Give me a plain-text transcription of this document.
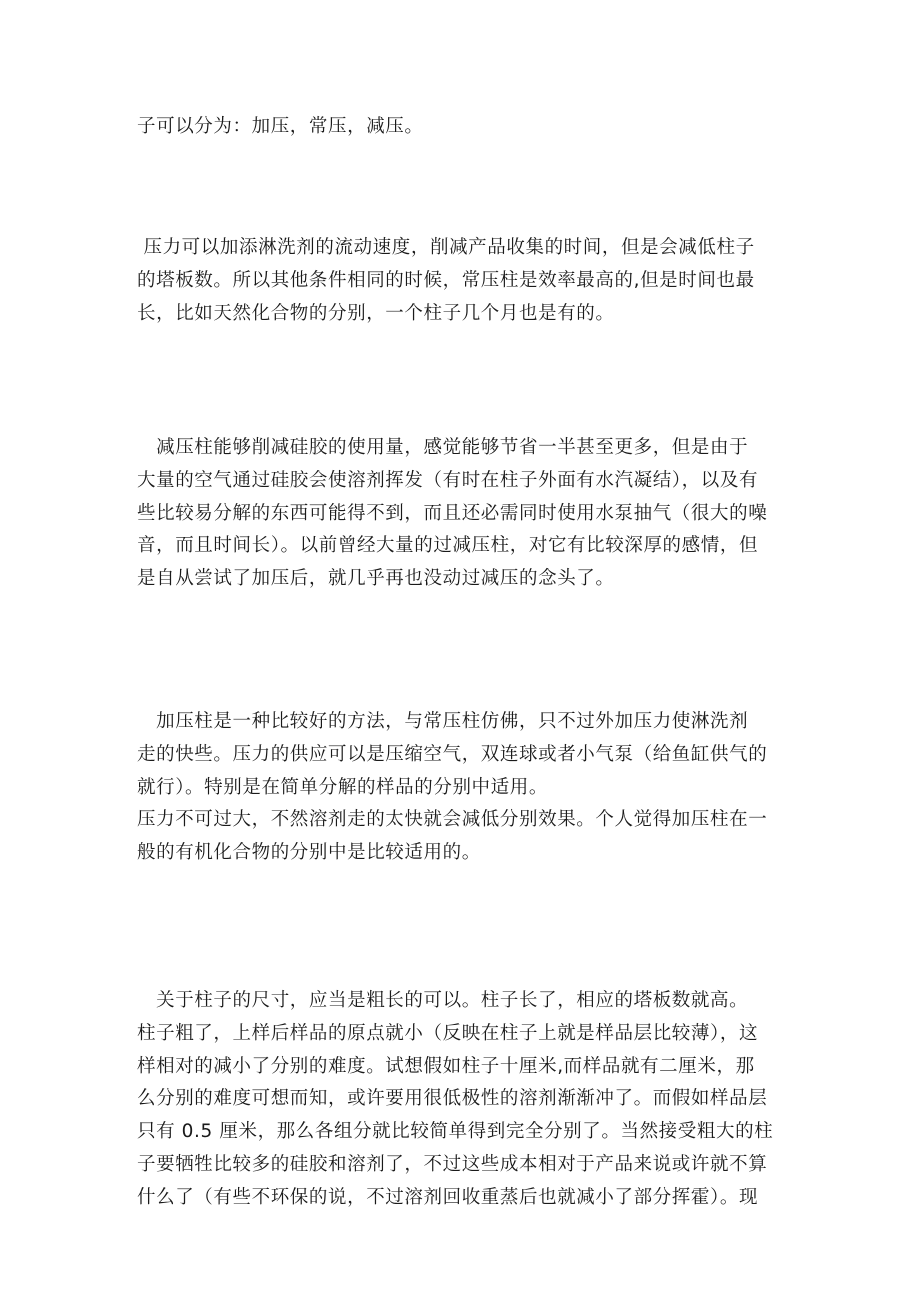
子可以分为：加压，常压，减压。

压力可以加添淋洗剂的流动速度，削减产品收集的时间，但是会减低柱子
的塔板数。所以其他条件相同的时候，常压柱是效率最高的,但是时间也最
长，比如天然化合物的分别，一个柱子几个月也是有的。

　减压柱能够削减硅胶的使用量，感觉能够节省一半甚至更多，但是由于
大量的空气通过硅胶会使溶剂挥发（有时在柱子外面有水汽凝结），以及有
些比较易分解的东西可能得不到，而且还必需同时使用水泵抽气（很大的噪
音，而且时间长）。以前曾经大量的过减压柱，对它有比较深厚的感情，但
是自从尝试了加压后，就几乎再也没动过减压的念头了。

　加压柱是一种比较好的方法，与常压柱仿佛，只不过外加压力使淋洗剂
走的快些。压力的供应可以是压缩空气，双连球或者小气泵（给鱼缸供气的
就行）。特别是在简单分解的样品的分别中适用。
压力不可过大，不然溶剂走的太快就会减低分别效果。个人觉得加压柱在一
般的有机化合物的分别中是比较适用的。

　关于柱子的尺寸，应当是粗长的可以。柱子长了，相应的塔板数就高。
柱子粗了，上样后样品的原点就小（反映在柱子上就是样品层比较薄），这
样相对的减小了分别的难度。试想假如柱子十厘米,而样品就有二厘米，那
么分别的难度可想而知，或许要用很低极性的溶剂渐渐冲了。而假如样品层
只有 0.5 厘米，那么各组分就比较简单得到完全分别了。当然接受粗大的柱
子要牺牲比较多的硅胶和溶剂了，不过这些成本相对于产品来说或许就不算
什么了（有些不环保的说，不过溶剂回收重蒸后也就减小了部分挥霍）。现
